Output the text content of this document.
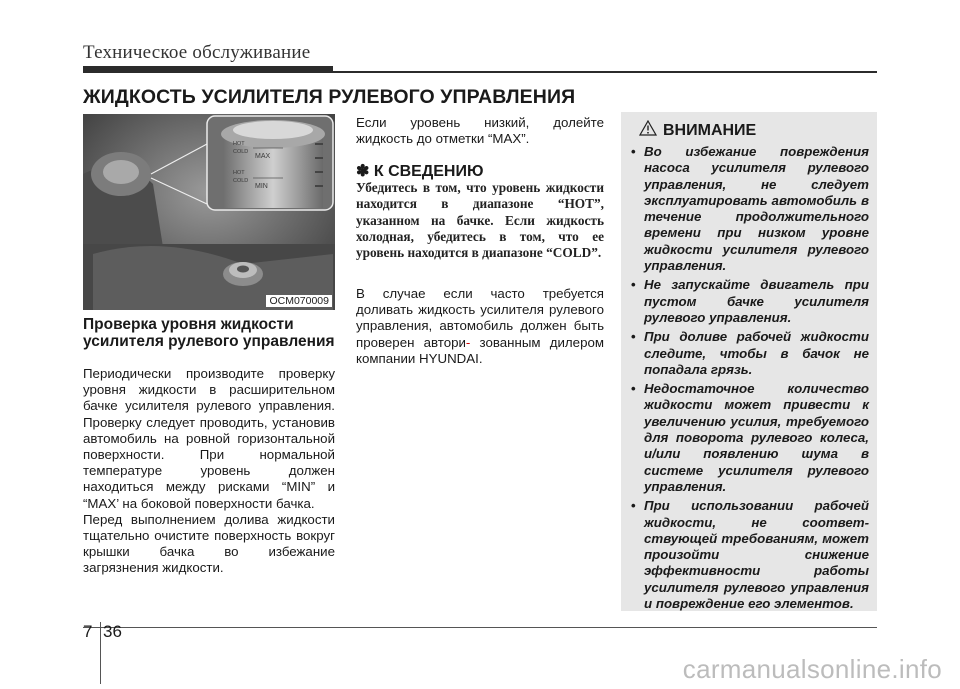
Техническое обслуживание
ЖИДКОСТЬ УСИЛИТЕЛЯ РУЛЕВОГО УПРАВЛЕНИЯ
HOT
COLD
MAX
HOT
COLD
MIN
OCM070009
Проверка уровня жидкости усилителя рулевого управления

Периодически производите проверку уровня жидкости в расширительном бачке усилителя рулевого управления. Проверку следует проводить, установив автомобиль на ровной горизонтальной поверхности. При нормальной температуре уровень должен находиться между рисками “MIN” и “MAX’ на боковой поверхности бачка.

Перед выполнением долива жидкости тщательно очистите поверхность вокруг крышки бачка во избежание загрязнения жидкости.

Если уровень низкий, долейте жидкость до отметки “MAX”.

✽ К СВЕДЕНИЮ
Убедитесь в том, что уровень жидкости находится в диапазоне “HOT”, указанном на бачке. Если жидкость холодная, убедитесь в том, что ее уровень находится в диапазоне “COLD”.

В случае если часто требуется доливать жидкость усилителя рулевого управления, автомобиль должен быть проверен автори- зованным дилером компании HYUNDAI.

ВНИМАНИЕ
• Во избежание повреждения насоса усилителя рулевого управления, не следует эксплуатировать автомобиль в течение продолжительного времени при низком уровне жидкости усилителя рулевого управления.
• Не запускайте двигатель при пустом бачке усилителя рулевого управления.
• При доливе рабочей жидкости следите, чтобы в бачок не попадала грязь.
• Недостаточное количество жидкости может привести к увеличению усилия, требуемого для поворота рулевого колеса, и/или появлению шума в системе усилителя рулевого управления.
• При использовании рабочей жидкости, не соответ-ствующей требованиям, может произойти снижение эффективности работы усилителя рулевого управления и повреждение его элементов.
7 36
carmanualsonline.info
